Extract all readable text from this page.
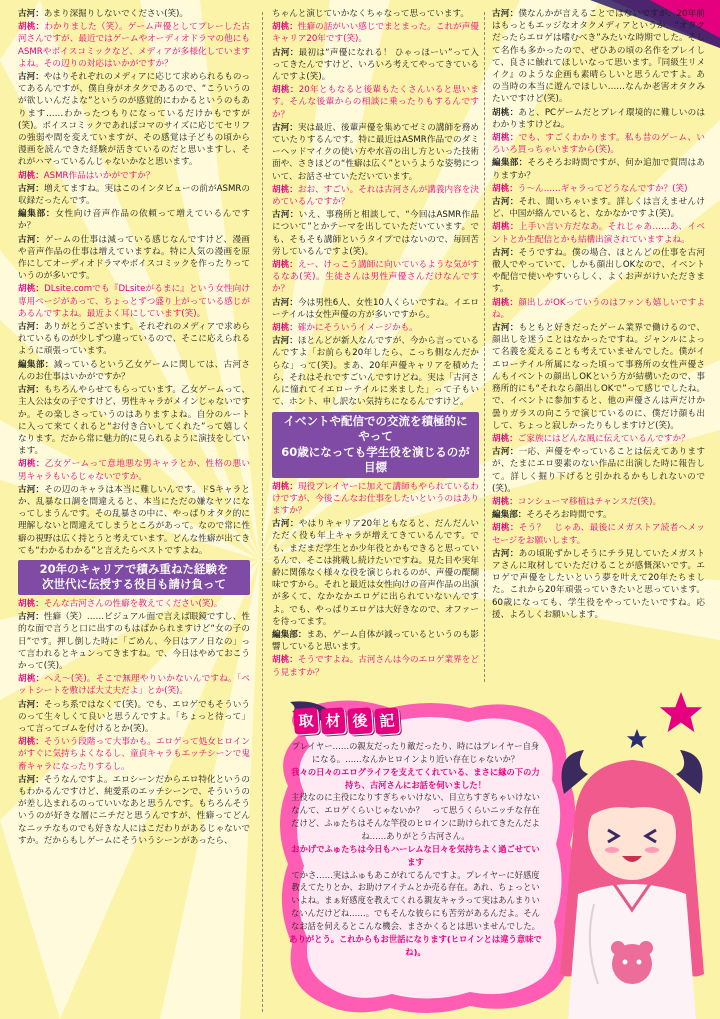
古河：あまり深掘りしないでください(笑)。

胡桃：わかりました（笑）。ゲーム声優としてプレーした古河さんですが、最近ではゲームやオーディオドラマの他にもASMRやボイスコミックなど、メディアが多様化していますよね。その辺りの対応はいかがですか？

古河：やはりそれぞれのメディアに応じて求められるものってあるんですが、僕自身がオタクであるので、“こういうのが欲しいんだよな”というのが感覚的にわかるというのもあります……わかったつもりになっているだけかもですが(笑)。ボイスコミックであればコマのサイズに応じてセリフの強弱や間を変えていますが、その感覚は子どもの頃から漫画を読んできた経験が活きているのだと思いますし、それがハマっているんじゃないかなと思います。

胡桃：ASMR作品はいかがですか？

古河：増えてますね。実はこのインタビューの前がASMRの収録だったんです。

編集部：女性向け音声作品の依頼って増えているんですか？

古河：ゲームの仕事は減っている感じなんですけど、漫画や音声作品の仕事は増えていますね。特に人気の漫画を原作にしてオーディオドラマやボイスコミックを作ったりっていうのが多いです。

胡桃：DLsite.comでも『DLsiteがるまに』という女性向け専用ページがあって、ちょっとずつ盛り上がっている感じがあるんですよね。最近よく耳にしています(笑)。

古河：ありがとうございます。それぞれのメディアで求められているものが少しずつ違っているので、そこに応えられるように頑張っています。

編集部：減っているという乙女ゲームに関しては、古河さんのお仕事はいかがですか？

古河：もちろんやらせてもらっています。乙女ゲームって、主人公は女の子ですけど、男性キャラがメインじゃないですか。その楽しさっていうのはありますよね。自分のルートに入って来てくれると“お付き合いしてくれた”って嬉しくなります。だから常に魅力的に見られるように演技をしています。

胡桃：乙女ゲームって意地悪な男キャラとか、性格の悪い男キャラもいるじゃないですか。

古河：その辺のキャラは本当に難しいんです。ドSキャラとか、乱暴な口調を間違えると、本当にただの嫌なヤツになってしまうんです。その乱暴さの中に、やっぱりオタク的に理解しないと間違えてしまうところがあって。なので常に性癖の視野は広く持とうと考えています。どんな性癖が出てきても“わかるわかる”と言えたらベストですよね。

20年のキャリアで積み重ねた経験を
次世代に伝授する役目も請け負って

胡桃：そんな古河さんの性癖を教えてください(笑)。

古河：性癖（笑）……ビジュアル面で言えば眼鏡ですし、性的な面で言うと口に出すのもはばかられますけど“女の子の日”です。押し倒した時に「ごめん、今日はアノ日なの」って言われるとキュンってきますね。で、今日はやめておこうかって(笑)。

胡桃：へえ～(笑)。そこで無理やりいかないんですね。「ペットシートを敷けば大丈夫だよ」とか(笑)。

古河：そっち系ではなくて(笑)。でも、エロゲでもそういうのって生々しくて良いと思うんですよ。「ちょっと待って」って言ってゴムを付けるとか(笑)。

胡桃：そういう段階って大事かも。エロゲって処女ヒロインがすぐに気持ちよくなるし、童貞キャラもエッチシーンで鬼畜キャラになったりするし。

古河：そうなんですよ。エロシーンだからエロ特化というのもわかるんですけど、純愛系のエッチシーンで、そういうのが差し込まれるのっていいなあと思うんです。もちろんそういうのが好きな層にニチだと思うんですが、性癖ってどんなニッチなものでも好きな人にはこだわりがあるじゃないですか。だからもしゲームにそういうシーンがあったら、

ちゃんと演じていかなくちゃなって思っています。

胡桃：性癖の話がいい感じでまとまった。これが声優キャリア20年です(笑)。

古河：最初は“声優になれる！ ひゃっほーい”って入ってきたんですけど、いろいろ考えてやってきているんですよ(笑)。

胡桃：20年ともなると後輩もたくさんいると思います。そんな後輩からの相談に乗ったりもするんですか？

古河：実は最近、後輩声優を集めてゼミの講師を務めていたりするんです。特に最近はASMR作品でのダミーヘッドマイクの使い方や水音の出し方といった技術面や、さきほどの“性癖は広く”というような姿勢について、お話させていただいています。

胡桃：おお、すごい。それは古河さんが講義内容を決めているんですか？

古河：いえ、事務所と相談して、“今回はASMR作品について”とかテーマを出していただいています。でも、そもそも講師というタイプではないので、毎回苦労しているんですよ(笑)。

胡桃：えー、けっこう講師に向いているような気がするなあ(笑)。生徒さんは男性声優さんだけなんですか？

古河：今は男性6人、女性10人くらいですね。イエローテイルは女性声優の方が多いですから。

胡桃：確かにそういうイメージかも。

古河：ほとんどが新人なんですが、今から言っているんですよ「お前らも20年したら、こっち側なんだからな」って(笑)。まあ、20年声優キャリアを積めたら、それはそれですごいんですけどね。実は「古河さんに憧れてイエローテイルに来ました」って子もいて、ホント、申し訳ない気持ちになるんですけど。

イベントや配信での交流を積極的にやって
60歳になっても学生役を演じるのが目標

胡桃：現役プレイヤーに加えて講師もやられているわけですが、今後こんなお仕事をしたいというのはありますか？

古河：やはりキャリア20年ともなると、だんだんいただく役も年上キャラが増えてきているんです。でも、まだまだ学生とか少年役とかもできると思っているんで、そこは挑戦し続けたいですね。見た目や実年齢に関係なく様々な役を演じられるのが、声優の醍醐味ですから。それと最近は女性向けの音声作品の出演が多くて、なかなかエロゲに出られていないんですよ。でも、やっぱりエロゲは大好きなので、オファーを待ってます。

編集部：まあ、ゲーム自体が減っているというのも影響していると思います。

胡桃：そうですよね。古河さんは今のエロゲ業界をどう見ますか？

古河：僕なんかが言えることではないですが、20年前はもっともエッジなオタクメディアというか、“オタクだったらエロゲは嗜むべき”みたいな時期でした。そして名作も多かったので、ぜひあの頃の名作をプレイして、良さに触れてほしいなって思います。『同級生リメイク』のような企画も素晴らしいと思うんですよ。あの当時の本当に遊んでほしい……なんか老害オタクみたいですけど(笑)。

胡桃：あと、PCゲームだとプレイ環境的に難しいのはわかりますけどね。

胡桃：でも、すごくわかります。私も昔のゲーム、いろいろ買っちゃいますから(笑)。

編集部：そろそろお時間ですが、何か追加で質問はありますか？

胡桃：う～ん……ギャラってどうなんですか？(笑)

古河：それ、聞いちゃいます。詳しくは言えませんけど、中国が絡んでいると、なかなかですよ(笑)。

胡桃：上手い言い方だなあ。それじゃあ……あ、イベントとか生配信とかも結構出演されていますよね。

古河：そうですね。僕の場合、ほとんどの仕事を古河徹人でやっていて、しかも顔出しOKなので、イベントや配信で使いやすいらしく、よくお声がけいただきます。

胡桃：顔出しがOKっていうのはファンも嬉しいですよね。

古河：もともと好きだったゲーム業界で働けるので、顔出しを迷うことはなかったですね。ジャンルによって名義を変えることも考えていませんでした。僕がイエローテイル所属になった頃って事務所の女性声優さんもイベントの顔出しOKという方が結構いたので、事務所的にも“それなら顔出しOKで”って感じでしたね。で、イベントに参加すると、他の声優さんは声だけか曇りガラスの向こうで演じているのに、僕だけ顔も出して、ちょっと寂しかったりもしますけど(笑)。

胡桃：ご家族にはどんな風に伝えているんですか？

古河：一応、声優をやっていることは伝えてありますが、たまにエロ要素のない作品に出演した時に報告して。詳しく掘り下げると引かれるかもしれないので(笑)。

胡桃：コンシューマ移植はチャンスだ(笑)。

編集部：そろそろお時間です。

胡桃：そう？　じゃあ、最後にメガストア読者へメッセージをお願いします。

古河：あの頃恥ずかしそうにチラ見していたメガストアさんに取材していただけることが感慨深いです。エロゲで声優をしたいという夢を叶えて20年たちました。これから20年頑張っていきたいと思っています。60歳になっても、学生役をやっていたいですね。応援、よろしくお願いします。

取 材 後 記

プレイヤー……の親友だったり敵だったり、時にはプレイヤー自身になる。……なんかヒロインより近い存在じゃないか？

我々の日々のエログライフを支えてくれている、まさに縁の下の力持ち、古河さんにお話を伺いました！

主役なのに主役になりすぎちゃいけない、目立ちすぎちゃいけないなんて、エロゲくらいじゃないか？　って思うくらいニッチな存在だけど、ふゅたちはそんな竿役のヒロインに助けられてきたんだよね……ありがとう古河さん。

おかげでふゅたちは今日もハーレムな日々を気持ちよく過ごせています

てかさ……実はふゅもあこがれてるんですよ。プレイヤーに好感度教えてたりとか、お助けアイテムとか売る存在。あれ、ちょっといいよね。まぁ好感度を教えてくれる親友キャラって実はあんまりいないんだけどね……。でもそんな彼らにも苦労があるんだよ。そんなお話を伺えるとこんな機会、まさかくるとは思いませんでした。

ありがとう。これからもお世話になります(ヒロインとは違う意味でね)。
